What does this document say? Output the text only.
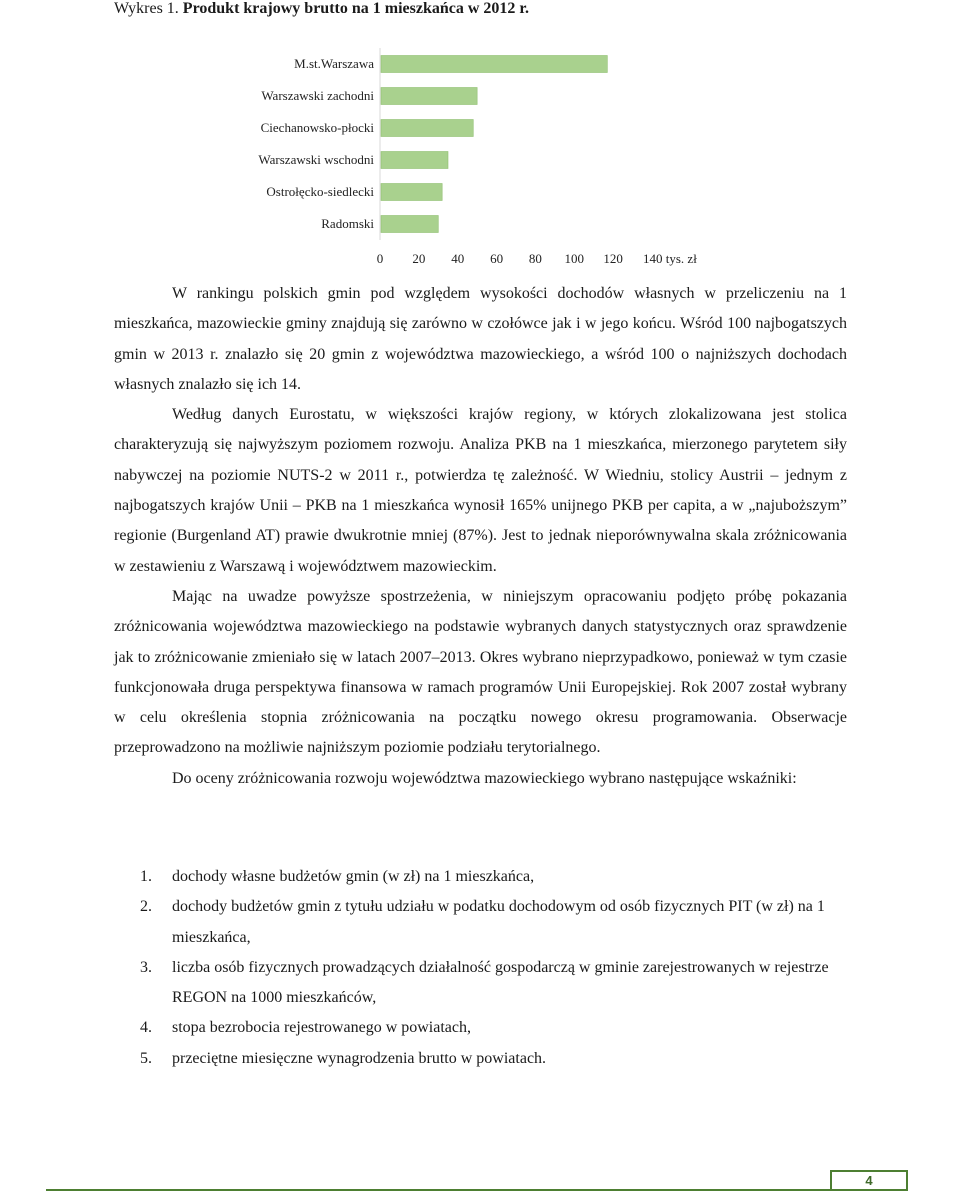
Wykres 1. Produkt krajowy brutto na 1 mieszkańca w 2012 r.
M.st.Warszawa
Warszawski zachodni
Ciechanowsko-płocki
Warszawski wschodni
Ostrołęcko-siedlecki
Radomski
0 20 40 60 80 100 120 140 tys. zł

W rankingu polskich gmin pod względem wysokości dochodów własnych w przeliczeniu na 1 mieszkańca, mazowieckie gminy znajdują się zarówno w czołówce jak i w jego końcu. Wśród 100 najbogatszych gmin w 2013 r. znalazło się 20 gmin z województwa mazowieckiego, a wśród 100 o najniższych dochodach własnych znalazło się ich 14.

Według danych Eurostatu, w większości krajów regiony, w których zlokalizowana jest stolica charakteryzują się najwyższym poziomem rozwoju. Analiza PKB na 1 mieszkańca, mierzonego parytetem siły nabywczej na poziomie NUTS-2 w 2011 r., potwierdza tę zależność. W Wiedniu, stolicy Austrii – jednym z najbogatszych krajów Unii – PKB na 1 mieszkańca wynosił 165% unijnego PKB per capita, a w „najuboższym” regionie (Burgenland AT) prawie dwukrotnie mniej (87%). Jest to jednak nieporównywalna skala zróżnicowania w zestawieniu z Warszawą i województwem mazowieckim.

Mając na uwadze powyższe spostrzeżenia, w niniejszym opracowaniu podjęto próbę pokazania zróżnicowania województwa mazowieckiego na podstawie wybranych danych statystycznych oraz sprawdzenie jak to zróżnicowanie zmieniało się w latach 2007–2013. Okres wybrano nieprzypadkowo, ponieważ w tym czasie funkcjonowała druga perspektywa finansowa w ramach programów Unii Europejskiej. Rok 2007 został wybrany w celu określenia stopnia zróżnicowania na początku nowego okresu programowania. Obserwacje przeprowadzono na możliwie najniższym poziomie podziału terytorialnego.

Do oceny zróżnicowania rozwoju województwa mazowieckiego wybrano następujące wskaźniki:

1. dochody własne budżetów gmin (w zł) na 1 mieszkańca,

2. dochody budżetów gmin z tytułu udziału w podatku dochodowym od osób fizycznych PIT (w zł) na 1 mieszkańca,

3. liczba osób fizycznych prowadzących działalność gospodarczą w gminie zarejestrowanych w rejestrze REGON na 1000 mieszkańców,

4. stopa bezrobocia rejestrowanego w powiatach,

5. przeciętne miesięczne wynagrodzenia brutto w powiatach.

4
